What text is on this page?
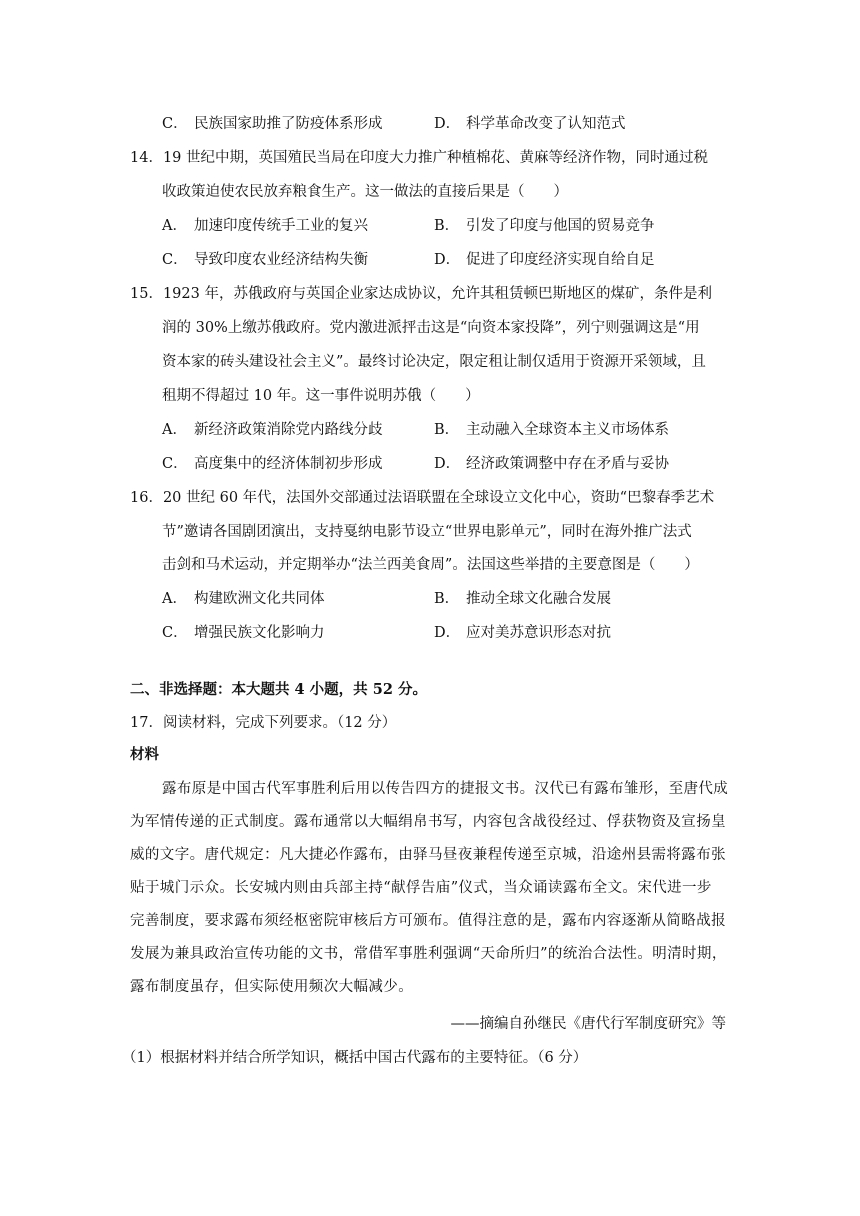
C． 民族国家助推了防疫体系形成	D． 科学革命改变了认知范式
14．19 世纪中期，英国殖民当局在印度大力推广种植棉花、黄麻等经济作物，同时通过税
收政策迫使农民放弃粮食生产。这一做法的直接后果是（　　）
A． 加速印度传统手工业的复兴	B． 引发了印度与他国的贸易竞争
C． 导致印度农业经济结构失衡	D． 促进了印度经济实现自给自足
15．1923 年，苏俄政府与英国企业家达成协议，允许其租赁顿巴斯地区的煤矿，条件是利
润的 30%上缴苏俄政府。党内激进派抨击这是“向资本家投降”，列宁则强调这是“用
资本家的砖头建设社会主义”。最终讨论决定，限定租让制仅适用于资源开采领域，且
租期不得超过 10 年。这一事件说明苏俄（　　）
A． 新经济政策消除党内路线分歧	B． 主动融入全球资本主义市场体系
C． 高度集中的经济体制初步形成	D． 经济政策调整中存在矛盾与妥协
16．20 世纪 60 年代，法国外交部通过法语联盟在全球设立文化中心，资助“巴黎春季艺术
节”邀请各国剧团演出，支持戛纳电影节设立“世界电影单元”，同时在海外推广法式
击剑和马术运动，并定期举办“法兰西美食周”。法国这些举措的主要意图是（　　）
A． 构建欧洲文化共同体	B． 推动全球文化融合发展
C． 增强民族文化影响力	D． 应对美苏意识形态对抗
二、非选择题：本大题共 4 小题，共 52 分。
17．阅读材料，完成下列要求。（12 分）
材料
露布原是中国古代军事胜利后用以传告四方的捷报文书。汉代已有露布雏形，至唐代成
为军情传递的正式制度。露布通常以大幅绢帛书写，内容包含战役经过、俘获物资及宣扬皇
威的文字。唐代规定：凡大捷必作露布，由驿马昼夜兼程传递至京城，沿途州县需将露布张
贴于城门示众。长安城内则由兵部主持“献俘告庙”仪式，当众诵读露布全文。宋代进一步
完善制度，要求露布须经枢密院审核后方可颁布。值得注意的是，露布内容逐渐从简略战报
发展为兼具政治宣传功能的文书，常借军事胜利强调“天命所归”的统治合法性。明清时期，
露布制度虽存，但实际使用频次大幅减少。
——摘编自孙继民《唐代行军制度研究》等
（1）根据材料并结合所学知识，概括中国古代露布的主要特征。（6 分）
